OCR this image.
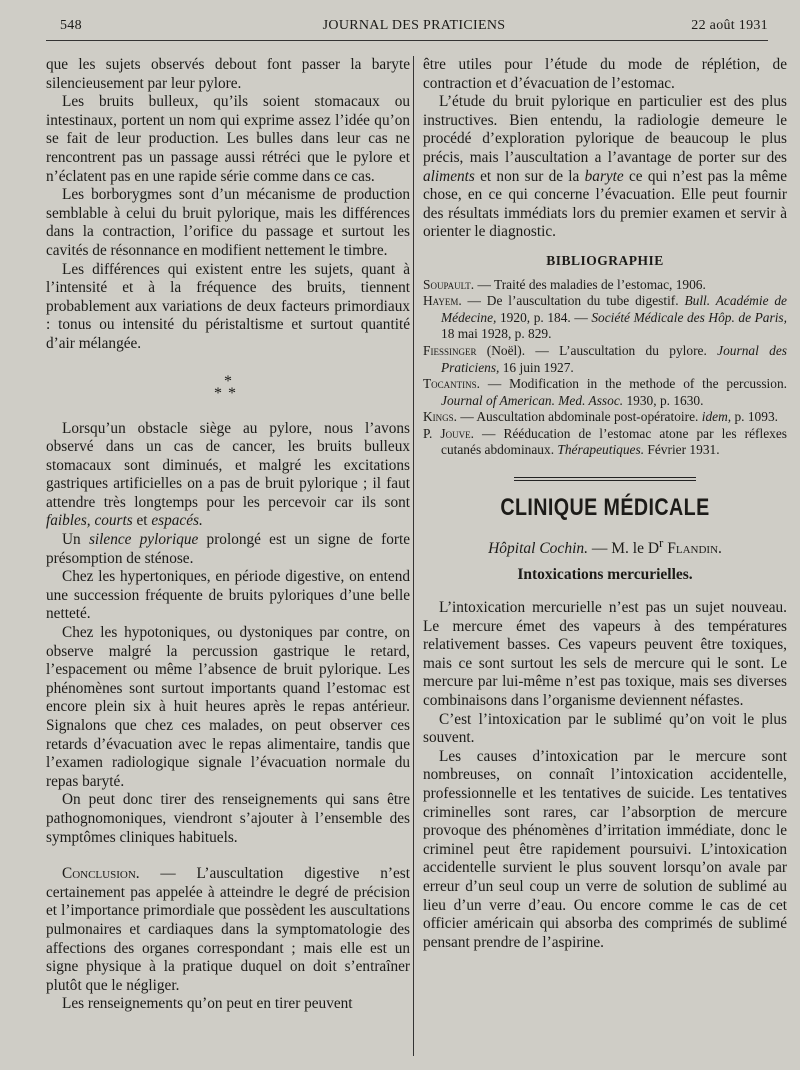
548	JOURNAL DES PRATICIENS	22 août 1931

que les sujets observés debout font passer la baryte silencieusement par leur pylore.

Les bruits bulleux, qu’ils soient stomacaux ou intestinaux, portent un nom qui exprime assez l’idée qu’on se fait de leur production. Les bulles dans leur cas ne rencontrent pas un passage aussi rétréci que le pylore et n’éclatent pas en une rapide série comme dans ce cas.

Les borborygmes sont d’un mécanisme de production semblable à celui du bruit pylorique, mais les différences dans la contraction, l’orifice du passage et surtout les cavités de résonnance en modifient nettement le timbre.

Les différences qui existent entre les sujets, quant à l’intensité et à la fréquence des bruits, tiennent probablement aux variations de deux facteurs primordiaux : tonus ou intensité du péristaltisme et surtout quantité d’air mélangée.

*
**

Lorsqu’un obstacle siège au pylore, nous l’avons observé dans un cas de cancer, les bruits bulleux stomacaux sont diminués, et malgré les excitations gastriques artificielles on a pas de bruit pylorique ; il faut attendre très longtemps pour les percevoir car ils sont faibles, courts et espacés.

Un silence pylorique prolongé est un signe de forte présomption de sténose.

Chez les hypertoniques, en période digestive, on entend une succession fréquente de bruits pyloriques d’une belle netteté.

Chez les hypotoniques, ou dystoniques par contre, on observe malgré la percussion gastrique le retard, l’espacement ou même l’absence de bruit pylorique. Les phénomènes sont surtout importants quand l’estomac est encore plein six à huit heures après le repas antérieur. Signalons que chez ces malades, on peut observer ces retards d’évacuation avec le repas alimentaire, tandis que l’examen radiologique signale l’évacuation normale du repas baryté.

On peut donc tirer des renseignements qui sans être pathognomoniques, viendront s’ajouter à l’ensemble des symptômes cliniques habituels.

Conclusion. — L’auscultation digestive n’est certainement pas appelée à atteindre le degré de précision et l’importance primordiale que possèdent les auscultations pulmonaires et cardiaques dans la symptomatologie des affections des organes correspondant ; mais elle est un signe physique à la pratique duquel on doit s’entraîner plutôt que le négliger.

Les renseignements qu’on peut en tirer peuvent

être utiles pour l’étude du mode de réplétion, de contraction et d’évacuation de l’estomac.

L’étude du bruit pylorique en particulier est des plus instructives. Bien entendu, la radiologie demeure le procédé d’exploration pylorique de beaucoup le plus précis, mais l’auscultation a l’avantage de porter sur des aliments et non sur de la baryte ce qui n’est pas la même chose, en ce qui concerne l’évacuation. Elle peut fournir des résultats immédiats lors du premier examen et servir à orienter le diagnostic.

BIBLIOGRAPHIE
Soupault. — Traité des maladies de l’estomac, 1906.
Hayem. — De l’auscultation du tube digestif. Bull. Académie de Médecine, 1920, p. 184. — Société Médicale des Hôp. de Paris, 18 mai 1928, p. 829.
Fiessinger (Noël). — L’auscultation du pylore. Journal des Praticiens, 16 juin 1927.
Tocantins. — Modification in the methode of the percussion. Journal of American. Med. Assoc. 1930, p. 1630.
Kings. — Auscultation abdominale post-opératoire. idem, p. 1093.
P. Jouve. — Rééducation de l’estomac atone par les réflexes cutanés abdominaux. Thérapeutiques. Février 1931.
CLINIQUE MÉDICALE
Hôpital Cochin. — M. le $D^r$ Flandin.
Intoxications mercurielles.

L’intoxication mercurielle n’est pas un sujet nouveau. Le mercure émet des vapeurs à des températures relativement basses. Ces vapeurs peuvent être toxiques, mais ce sont surtout les sels de mercure qui le sont. Le mercure par lui-même n’est pas toxique, mais ses diverses combinaisons dans l’organisme deviennent néfastes.

C’est l’intoxication par le sublimé qu’on voit le plus souvent.

Les causes d’intoxication par le mercure sont nombreuses, on connaît l’intoxication accidentelle, professionnelle et les tentatives de suicide. Les tentatives criminelles sont rares, car l’absorption de mercure provoque des phénomènes d’irritation immédiate, donc le criminel peut être rapidement poursuivi. L’intoxication accidentelle survient le plus souvent lorsqu’on avale par erreur d’un seul coup un verre de solution de sublimé au lieu d’un verre d’eau. Ou encore comme le cas de cet officier américain qui absorba des comprimés de sublimé pensant prendre de l’aspirine.
